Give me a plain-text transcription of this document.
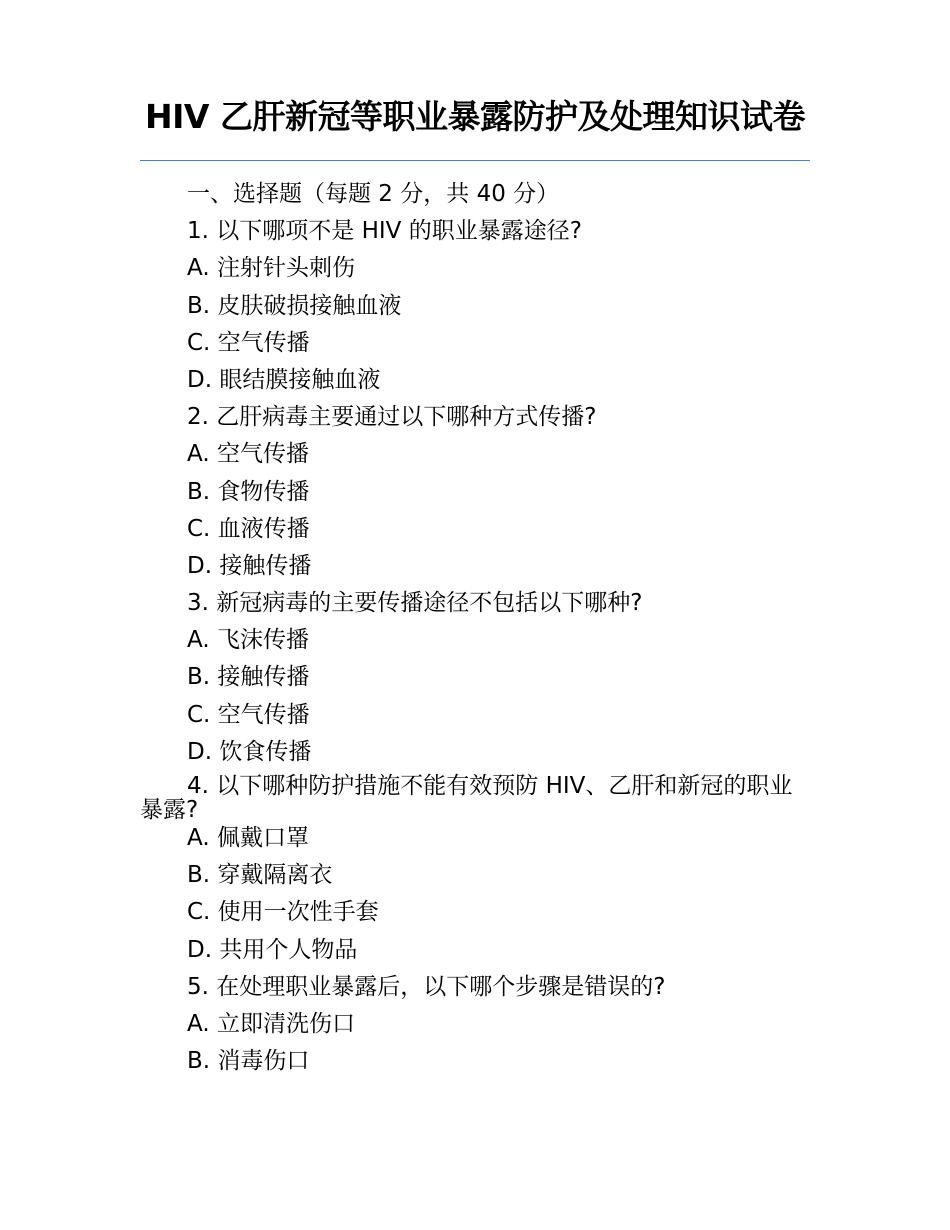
HIV 乙肝新冠等职业暴露防护及处理知识试卷
一、选择题（每题 2 分，共 40 分）
1. 以下哪项不是 HIV 的职业暴露途径?
A. 注射针头刺伤
B. 皮肤破损接触血液
C. 空气传播
D. 眼结膜接触血液
2. 乙肝病毒主要通过以下哪种方式传播?
A. 空气传播
B. 食物传播
C. 血液传播
D. 接触传播
3. 新冠病毒的主要传播途径不包括以下哪种?
A. 飞沫传播
B. 接触传播
C. 空气传播
D. 饮食传播
4. 以下哪种防护措施不能有效预防 HIV、乙肝和新冠的职业暴露?
A. 佩戴口罩
B. 穿戴隔离衣
C. 使用一次性手套
D. 共用个人物品
5. 在处理职业暴露后，以下哪个步骤是错误的?
A. 立即清洗伤口
B. 消毒伤口
